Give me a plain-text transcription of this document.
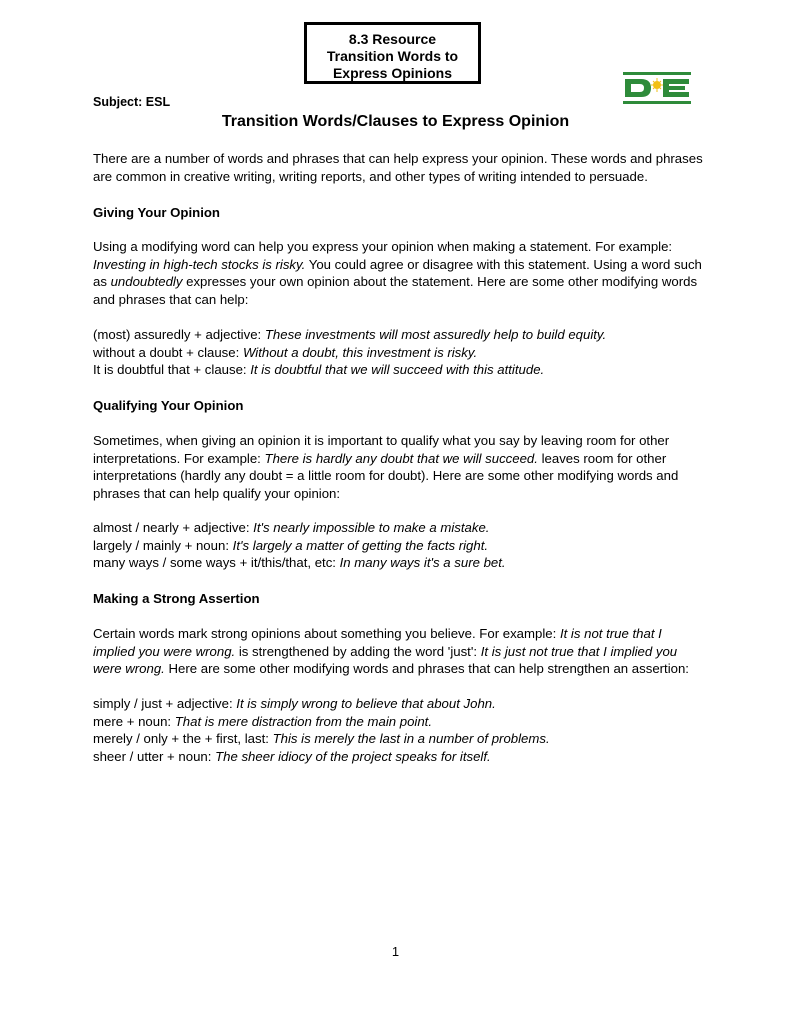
8.3 Resource
Transition Words to
Express Opinions
Subject: ESL
Transition Words/Clauses to Express Opinion
There are a number of words and phrases that can help express your opinion. These words and phrases
are common in creative writing, writing reports, and other types of writing intended to persuade.
Giving Your Opinion
Using a modifying word can help you express your opinion when making a statement. For example:
Investing in high-tech stocks is risky. You could agree or disagree with this statement. Using a word such
as undoubtedly expresses your own opinion about the statement. Here are some other modifying words
and phrases that can help:
(most) assuredly + adjective: These investments will most assuredly help to build equity.
without a doubt + clause: Without a doubt, this investment is risky.
It is doubtful that + clause: It is doubtful that we will succeed with this attitude.
Qualifying Your Opinion
Sometimes, when giving an opinion it is important to qualify what you say by leaving room for other
interpretations. For example: There is hardly any doubt that we will succeed. leaves room for other
interpretations (hardly any doubt = a little room for doubt). Here are some other modifying words and
phrases that can help qualify your opinion:
almost / nearly + adjective: It's nearly impossible to make a mistake.
largely / mainly + noun: It's largely a matter of getting the facts right.
many ways / some ways + it/this/that, etc: In many ways it's a sure bet.
Making a Strong Assertion
Certain words mark strong opinions about something you believe. For example: It is not true that I
implied you were wrong. is strengthened by adding the word 'just': It is just not true that I implied you
were wrong. Here are some other modifying words and phrases that can help strengthen an assertion:
simply / just + adjective: It is simply wrong to believe that about John.
mere + noun: That is mere distraction from the main point.
merely / only + the + first, last: This is merely the last in a number of problems.
sheer / utter + noun: The sheer idiocy of the project speaks for itself.
1
